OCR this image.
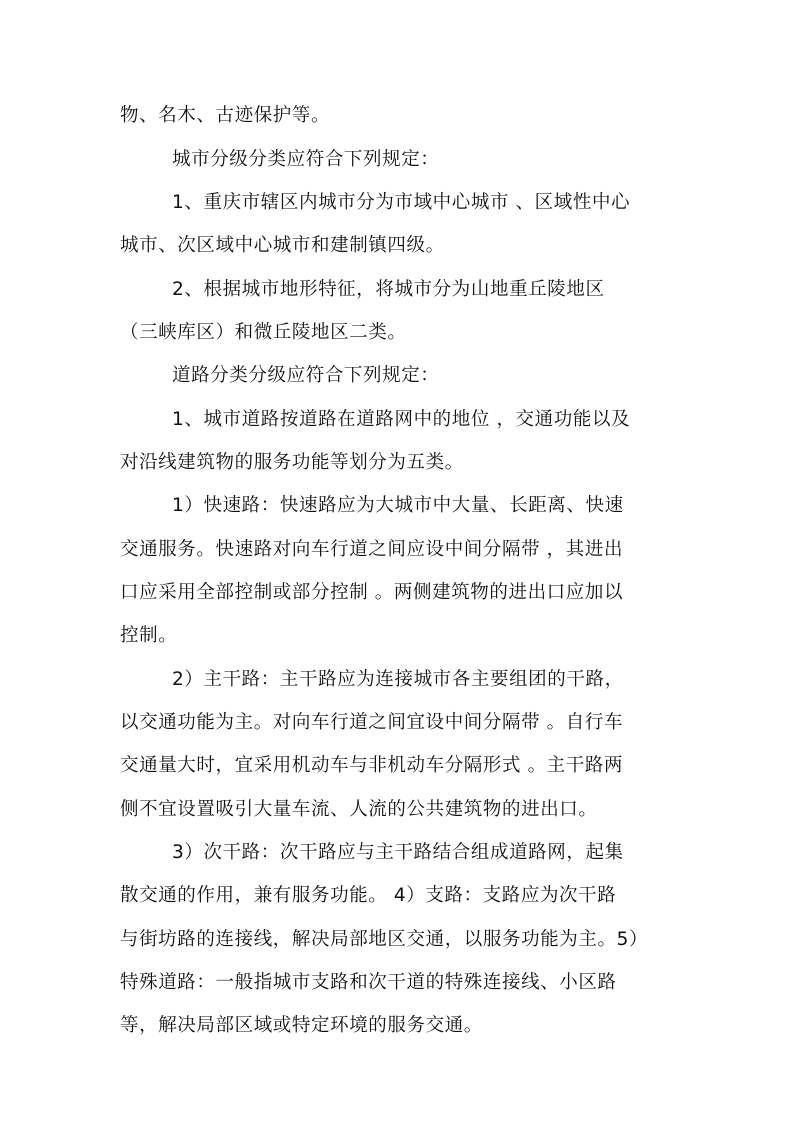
物、名木、古迹保护等。
城市分级分类应符合下列规定：
1、重庆市辖区内城市分为市域中心城市 、区域性中心
城市、次区域中心城市和建制镇四级。
2、根据城市地形特征，将城市分为山地重丘陵地区
（三峡库区）和微丘陵地区二类。
道路分类分级应符合下列规定：
1、城市道路按道路在道路网中的地位 ，交通功能以及
对沿线建筑物的服务功能等划分为五类。
1）快速路：快速路应为大城市中大量、长距离、快速
交通服务。快速路对向车行道之间应设中间分隔带 ，其进出
口应采用全部控制或部分控制 。两侧建筑物的进出口应加以
控制。
2）主干路：主干路应为连接城市各主要组团的干路，
以交通功能为主。对向车行道之间宜设中间分隔带 。自行车
交通量大时，宜采用机动车与非机动车分隔形式 。主干路两
侧不宜设置吸引大量车流、人流的公共建筑物的进出口。
3）次干路：次干路应与主干路结合组成道路网，起集
散交通的作用，兼有服务功能。 4）支路：支路应为次干路
与街坊路的连接线，解决局部地区交通，以服务功能为主。5）
特殊道路：一般指城市支路和次干道的特殊连接线、小区路
等，解决局部区域或特定环境的服务交通。
